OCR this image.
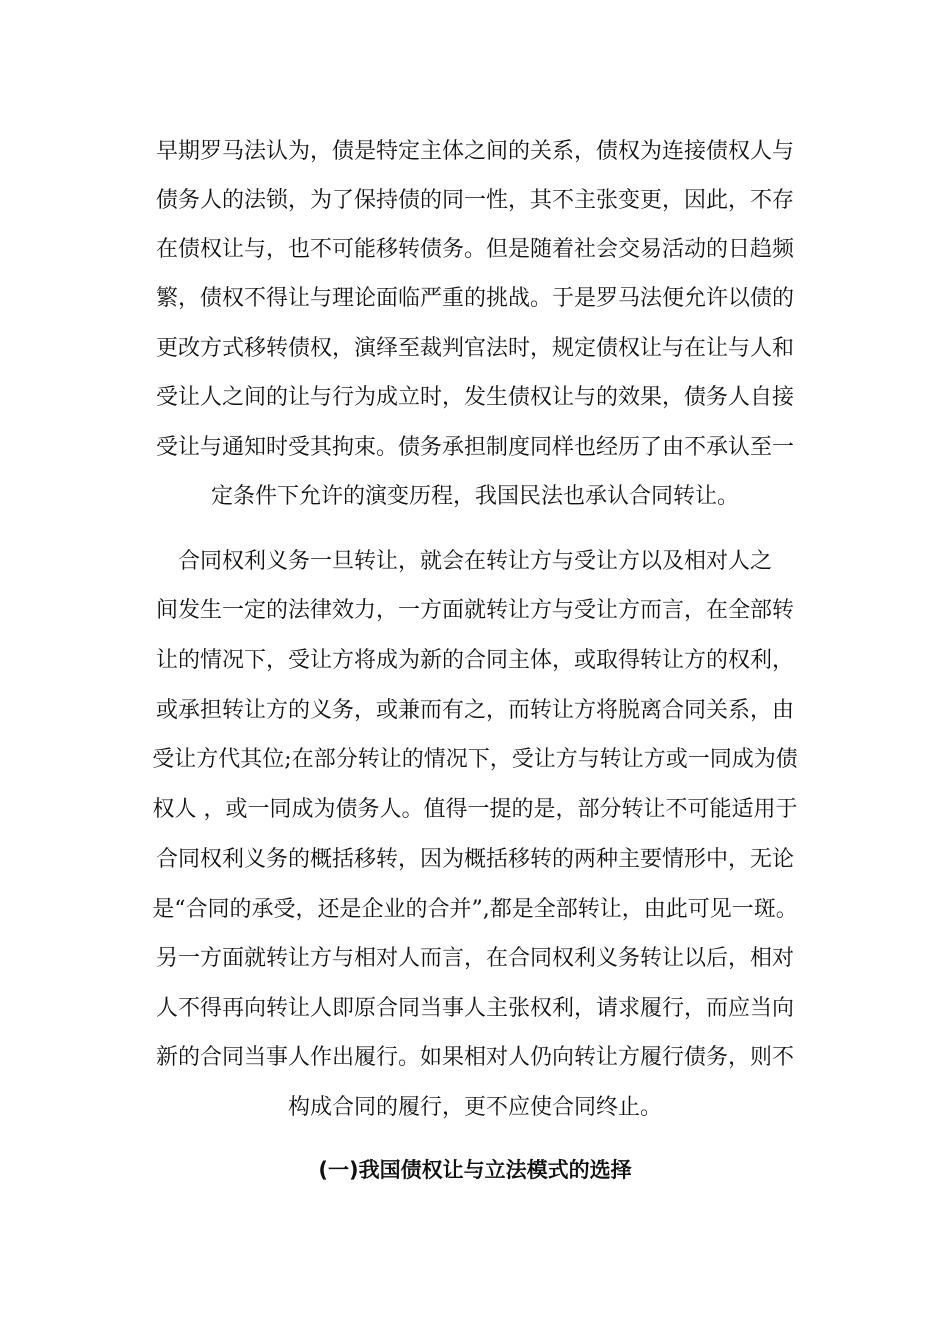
早期罗马法认为，债是特定主体之间的关系，债权为连接债权人与
债务人的法锁，为了保持债的同一性，其不主张变更，因此，不存
在债权让与，也不可能移转债务。但是随着社会交易活动的日趋频
繁，债权不得让与理论面临严重的挑战。于是罗马法便允许以债的
更改方式移转债权，演绎至裁判官法时，规定债权让与在让与人和
受让人之间的让与行为成立时，发生债权让与的效果，债务人自接
受让与通知时受其拘束。债务承担制度同样也经历了由不承认至一
定条件下允许的演变历程，我国民法也承认合同转让。
合同权利义务一旦转让，就会在转让方与受让方以及相对人之
间发生一定的法律效力，一方面就转让方与受让方而言，在全部转
让的情况下，受让方将成为新的合同主体，或取得转让方的权利，
或承担转让方的义务，或兼而有之，而转让方将脱离合同关系，由
受让方代其位;在部分转让的情况下，受让方与转让方或一同成为债
权人 ，或一同成为债务人。值得一提的是，部分转让不可能适用于
合同权利义务的概括移转，因为概括移转的两种主要情形中，无论
是“合同的承受，还是企业的合并”,都是全部转让，由此可见一斑。
另一方面就转让方与相对人而言，在合同权利义务转让以后，相对
人不得再向转让人即原合同当事人主张权利，请求履行，而应当向
新的合同当事人作出履行。如果相对人仍向转让方履行债务，则不
构成合同的履行，更不应使合同终止。
(一)我国债权让与立法模式的选择
